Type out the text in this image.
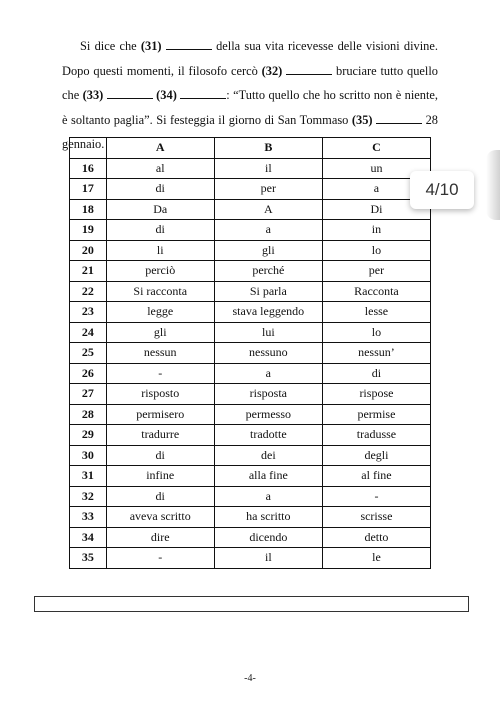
Si dice che (31)	della sua vita ricevesse delle visioni divine. Dopo questi momenti, il filosofo cercò (32)	bruciare tutto quello che (33)	(34)	: “Tutto quello che ho scritto non è niente, è soltanto paglia”. Si festeggia il giorno di San Tommaso (35)	28 gennaio.
		A	B	C
16	al	il	un
17	di	per	a
18	Da	A	Di
19	di	a	in
20	li	gli	lo
21	perciò	perché	per
22	Si racconta	Si parla	Racconta
23	legge	stava leggendo	lesse
24	gli	lui	lo
25	nessun	nessuno	nessun’
26	-	a	di
27	risposto	risposta	rispose
28	permisero	permesso	permise
29	tradurre	tradotte	tradusse
30	di	dei	degli
31	infine	alla fine	al fine
32	di	a	-
33	aveva scritto	ha scritto	scrisse
34	dire	dicendo	detto
35	-	il	le
4/10
-4-
